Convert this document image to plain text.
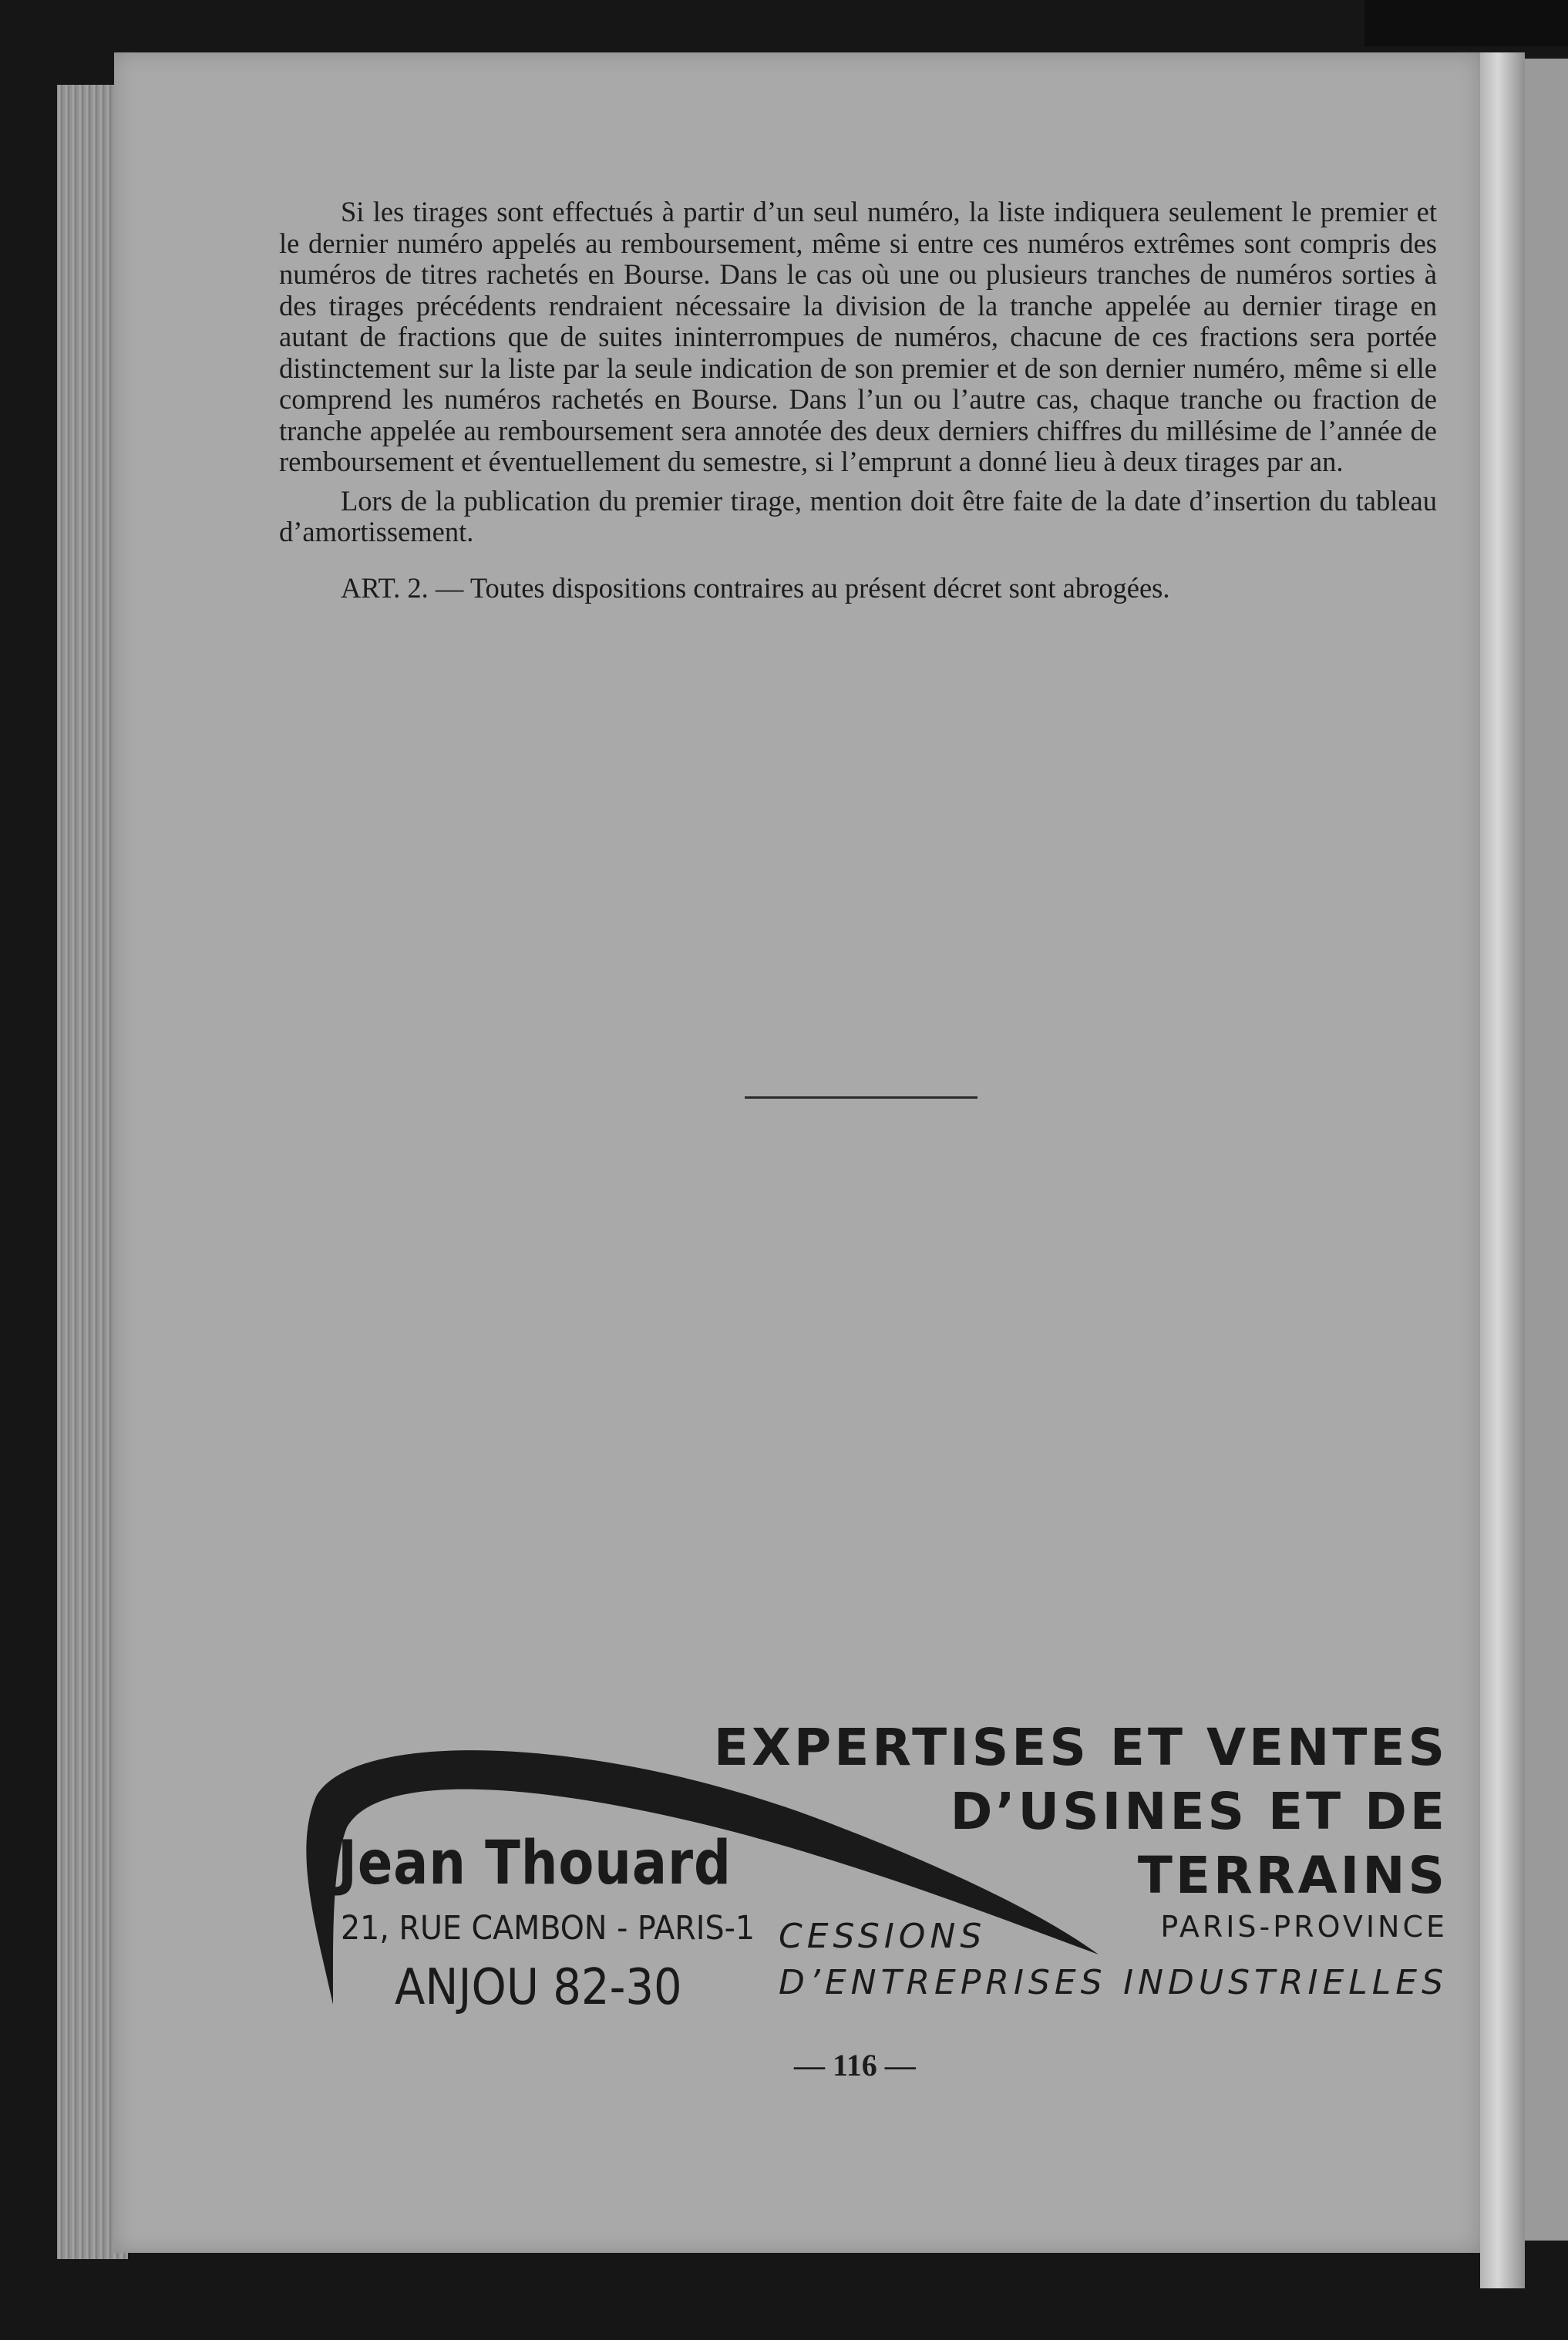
Si les tirages sont effectués à partir d’un seul numéro, la liste indiquera seulement le premier et le dernier numéro appelés au remboursement, même si entre ces numéros extrêmes sont compris des numéros de titres rachetés en Bourse. Dans le cas où une ou plusieurs tranches de numéros sorties à des tirages précédents rendraient nécessaire la division de la tranche appelée au dernier tirage en autant de fractions que de suites ininterrompues de numéros, chacune de ces fractions sera portée distinctement sur la liste par la seule indication de son premier et de son dernier numéro, même si elle comprend les numéros rachetés en Bourse. Dans l’un ou l’autre cas, chaque tranche ou fraction de tranche appelée au remboursement sera annotée des deux derniers chiffres du millésime de l’année de remboursement et éventuellement du semestre, si l’emprunt a donné lieu à deux tirages par an.

Lors de la publication du premier tirage, mention doit être faite de la date d’insertion du tableau d’amortissement.

ART. 2. — Toutes dispositions contraires au présent décret sont abrogées.

Jean Thouard
21, RUE CAMBON - PARIS-1
ANJOU 82-30
EXPERTISES ET VENTES
D’USINES ET DE
TERRAINS
PARIS-PROVINCE
CESSIONS
D’ENTREPRISES INDUSTRIELLES
— 116 —
